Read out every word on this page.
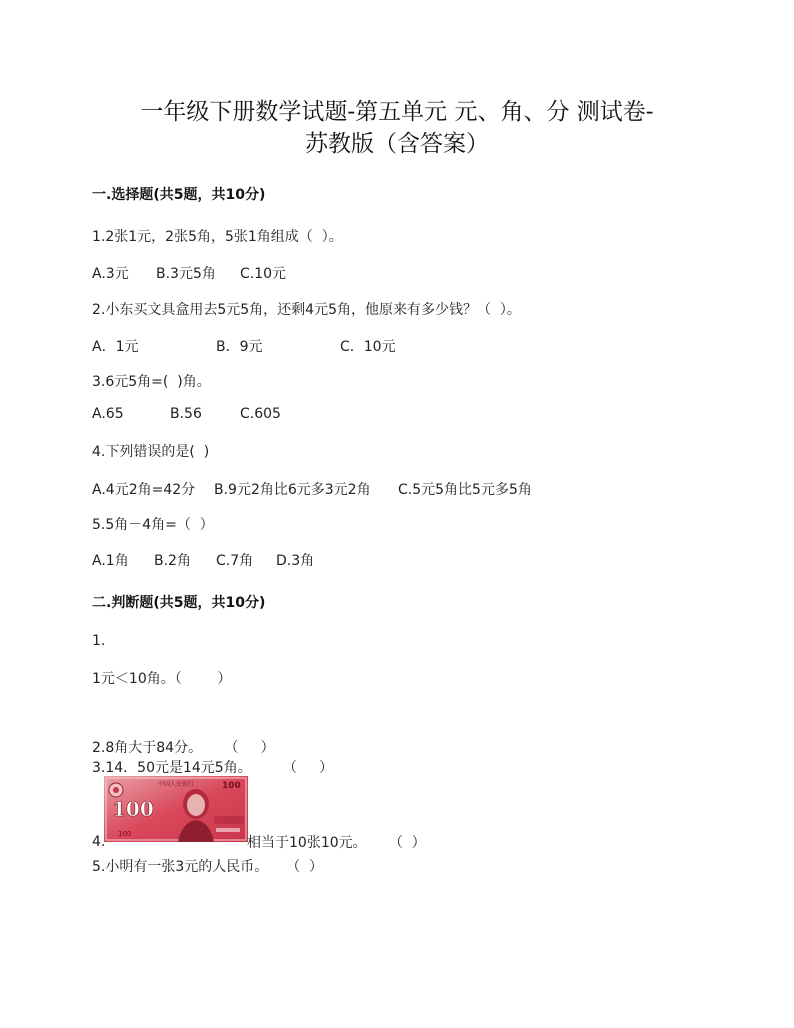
一年级下册数学试题-第五单元 元、角、分 测试卷-
苏教版（含答案）
一.选择题(共5题，共10分)
1.2张1元，2张5角，5张1角组成（  ）。
A.3元 B.3元5角 C.10元
2.小东买文具盒用去5元5角，还剩4元5角，他原来有多少钱？（  ）。
A．1元	B．9元	C．10元
3.6元5角=(  )角。
A.65	B.56	C.605
4.下列错误的是(  )
A.4元2角=42分 B.9元2角比6元多3元2角 C.5元5角比5元多5角
5.5角－4角=（  ）
A.1角 B.2角 C.7角 D.3角
二.判断题(共5题，共10分)
1.
1元＜10角。（        ）
2.8角大于84分。     （     ）
3.14．50元是14元5角。       （     ）
中国人民银行
100
100
100
4.	相当于10张10元。     （  ）
5.小明有一张3元的人民币。    （  ）
